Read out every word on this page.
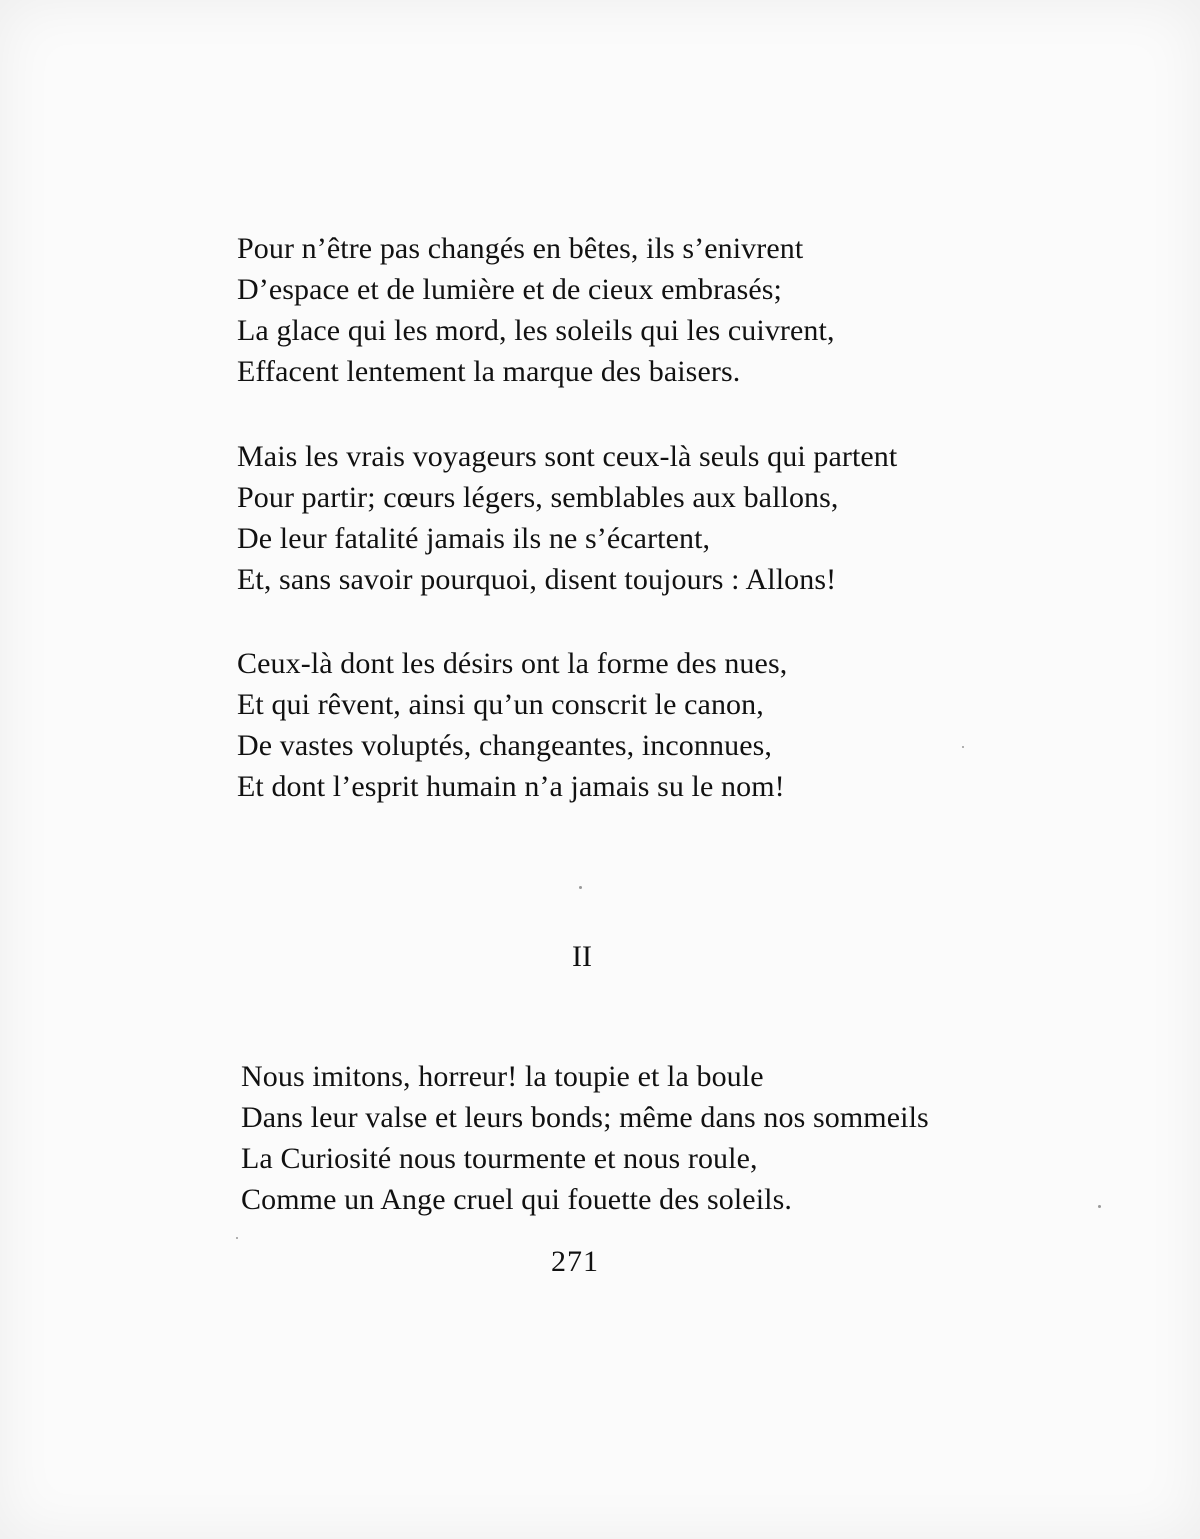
Pour n’être pas changés en bêtes, ils s’enivrent
D’espace et de lumière et de cieux embrasés;
La glace qui les mord, les soleils qui les cuivrent,
Effacent lentement la marque des baisers.
Mais les vrais voyageurs sont ceux-là seuls qui partent
Pour partir; cœurs légers, semblables aux ballons,
De leur fatalité jamais ils ne s’écartent,
Et, sans savoir pourquoi, disent toujours : Allons!
Ceux-là dont les désirs ont la forme des nues,
Et qui rêvent, ainsi qu’un conscrit le canon,
De vastes voluptés, changeantes, inconnues,
Et dont l’esprit humain n’a jamais su le nom!
II
Nous imitons, horreur! la toupie et la boule
Dans leur valse et leurs bonds; même dans nos sommeils
La Curiosité nous tourmente et nous roule,
Comme un Ange cruel qui fouette des soleils.
271
